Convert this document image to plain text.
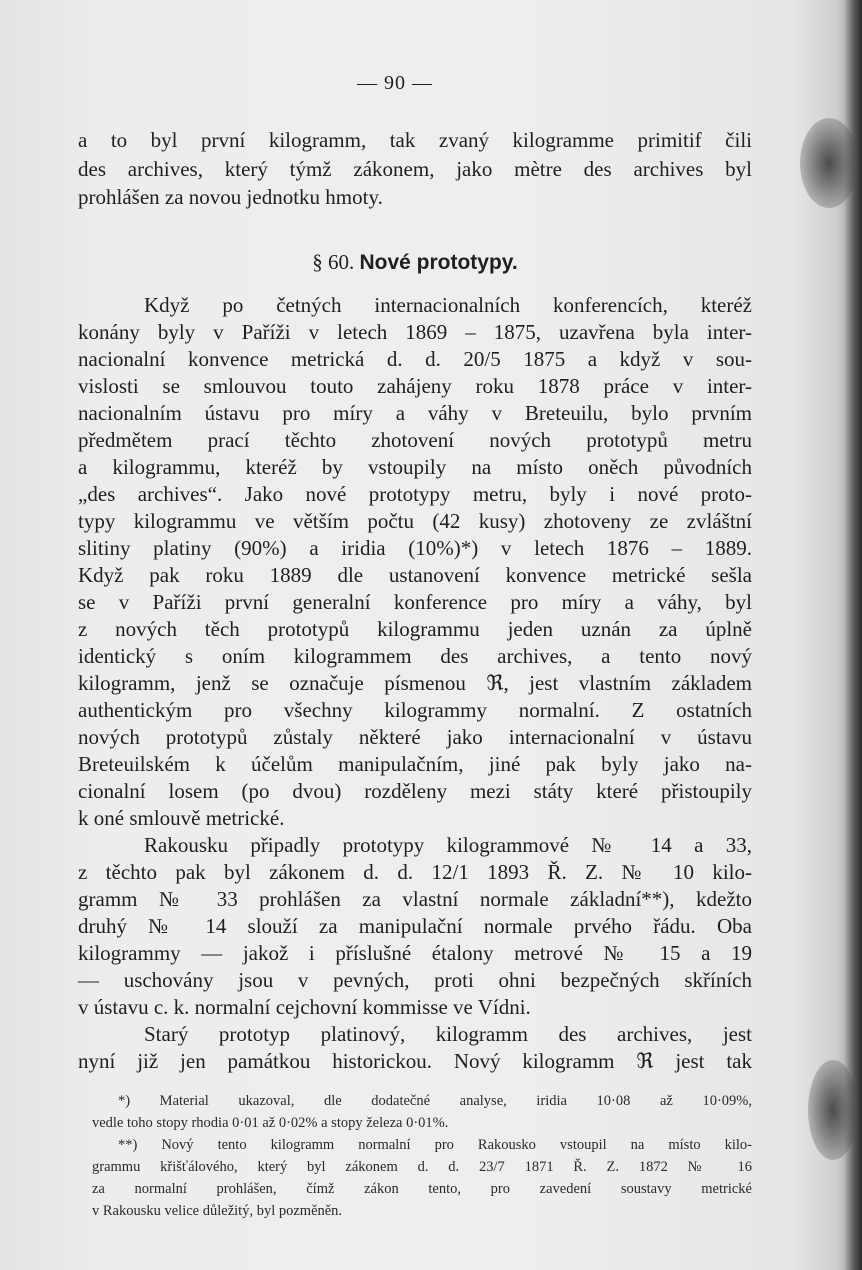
— 90 —
a to byl první kilogramm, tak zvaný kilogramme primitif čili
des archives, který týmž zákonem, jako mètre des archives byl
prohlášen za novou jednotku hmoty.
§ 60. Nové prototypy.
Když po četných internacionalních konferencích, kteréž
konány byly v Paříži v letech 1869 – 1875, uzavřena byla inter-
nacionalní konvence metrická d. d. 20/5 1875 a když v sou-
vislosti se smlouvou touto zahájeny roku 1878 práce v inter-
nacionalním ústavu pro míry a váhy v Breteuilu, bylo prvním
předmětem prací těchto zhotovení nových prototypů metru
a kilogrammu, kteréž by vstoupily na místo oněch původních
„des archives“. Jako nové prototypy metru, byly i nové proto-
typy kilogrammu ve větším počtu (42 kusy) zhotoveny ze zvláštní
slitiny platiny (90%) a iridia (10%)*) v letech 1876 – 1889.
Když pak roku 1889 dle ustanovení konvence metrické sešla
se v Paříži první generalní konference pro míry a váhy, byl
z nových těch prototypů kilogrammu jeden uznán za úplně
identický s oním kilogrammem des archives, a tento nový
kilogramm, jenž se označuje písmenou ℜ, jest vlastním základem
authentickým pro všechny kilogrammy normalní. Z ostatních
nových prototypů zůstaly některé jako internacionalní v ústavu
Breteuilském k účelům manipulačním, jiné pak byly jako na-
cionalní losem (po dvou) rozděleny mezi státy které přistoupily
k oné smlouvě metrické.
Rakousku připadly prototypy kilogrammové № 14 a 33,
z těchto pak byl zákonem d. d. 12/1 1893 Ř. Z. № 10 kilo-
gramm № 33 prohlášen za vlastní normale základní**), kdežto
druhý № 14 slouží za manipulační normale prvého řádu. Oba
kilogrammy — jakož i příslušné étalony metrové № 15 a 19
— uschovány jsou v pevných, proti ohni bezpečných skříních
v ústavu c. k. normalní cejchovní kommisse ve Vídni.
Starý prototyp platinový, kilogramm des archives, jest
nyní již jen památkou historickou. Nový kilogramm ℜ jest tak
*) Material ukazoval, dle dodatečné analyse, iridia 10·08 až 10·09%,
vedle toho stopy rhodia 0·01 až 0·02% a stopy železa 0·01%.
**) Nový tento kilogramm normalní pro Rakousko vstoupil na místo kilo-
grammu křišťálového, který byl zákonem d. d. 23/7 1871 Ř. Z. 1872 № 16
za normalní prohlášen, čímž zákon tento, pro zavedení soustavy metrické
v Rakousku velice důležitý, byl pozměněn.
